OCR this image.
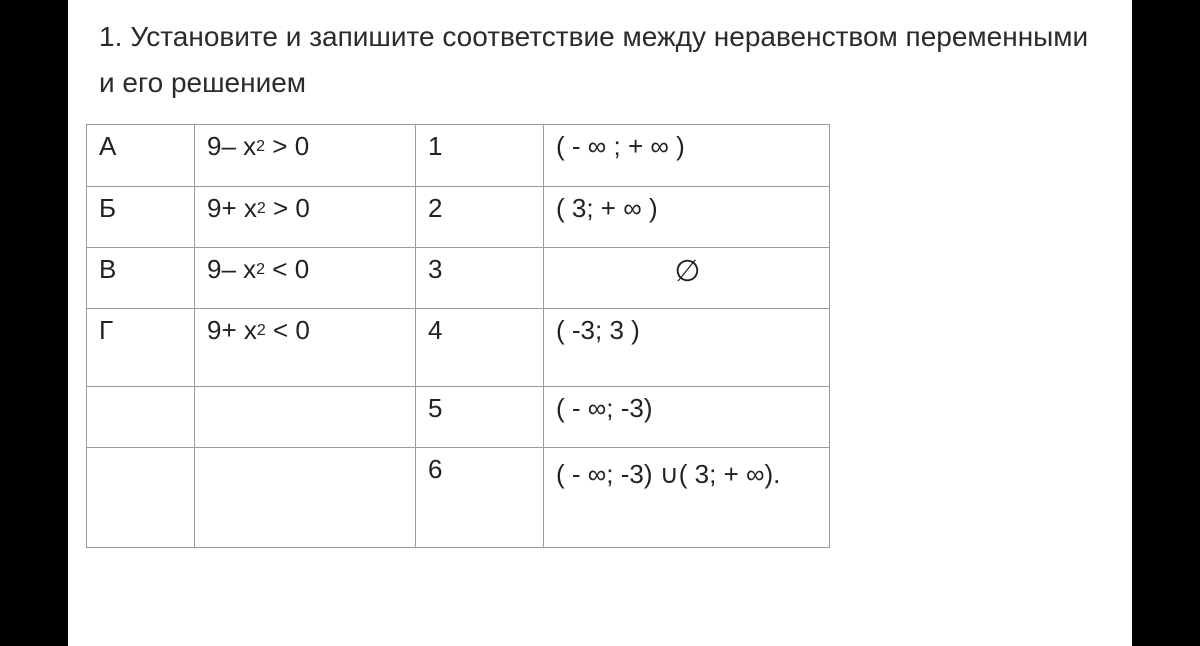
1. Установите и запишите соответствие между неравенством переменными и его решением
А	9– $x^2 > 0$	1	( - ∞ ; + ∞ )
Б	$9+ x^2 > 0$	2	( 3; + ∞ )
В	9– $x^2 < 0$	3	∅
Г	$9+ x^2 < 0$	4	( -3; 3 )
		5	( - ∞; -3)
		6	( - ∞; -3) ∪( 3; + ∞).
